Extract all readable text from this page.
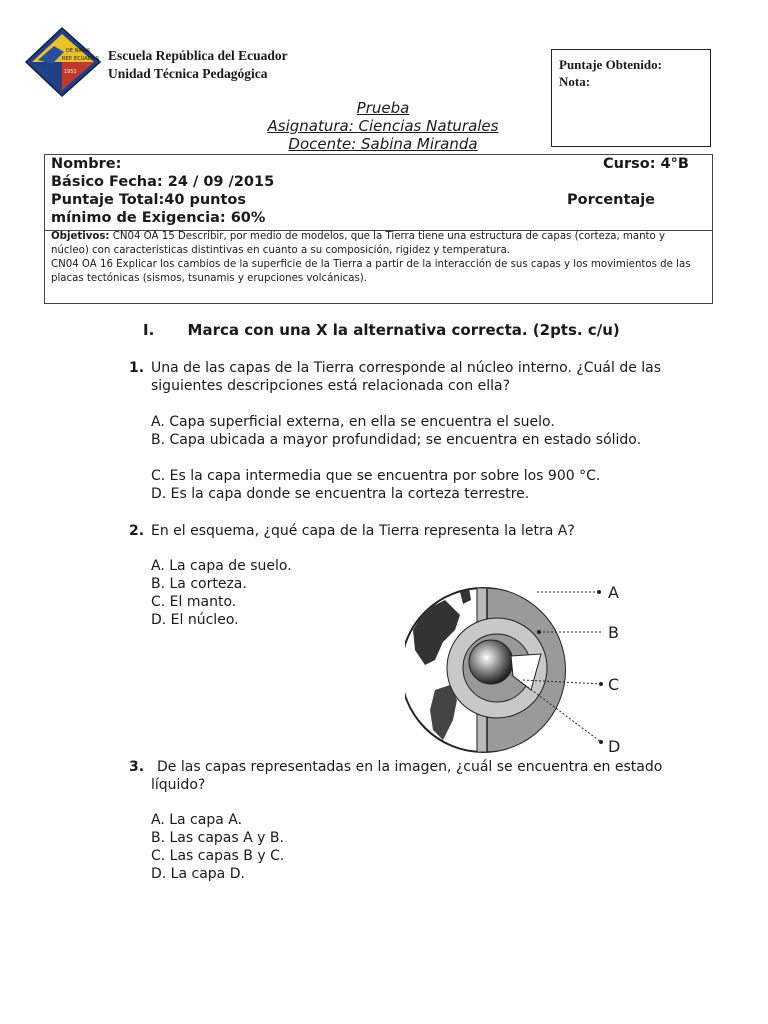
DE NIÑAS
REP. ECUADOR
1951
Escuela República del Ecuador
Unidad Técnica Pedagógica
Puntaje Obtenido:
Nota:
Prueba
Asignatura: Ciencias Naturales
Docente: Sabina Miranda
Nombre:	Curso: 4°B
Básico Fecha: 24 / 09 /2015
Puntaje Total:40 puntos	Porcentaje
mínimo de Exigencia: 60%
Objetivos: CN04 OA 15 Describir, por medio de modelos, que la Tierra tiene una estructura de capas (corteza, manto y núcleo) con características distintivas en cuanto a su composición, rigidez y temperatura.
CN04 OA 16 Explicar los cambios de la superficie de la Tierra a partir de la interacción de sus capas y los movimientos de las placas tectónicas (sismos, tsunamis y erupciones volcánicas).
I. Marca con una X la alternativa correcta. (2pts. c/u)
1. Una de las capas de la Tierra corresponde al núcleo interno. ¿Cuál de las siguientes descripciones está relacionada con ella?
A. Capa superficial externa, en ella se encuentra el suelo.
B. Capa ubicada a mayor profundidad; se encuentra en estado sólido.
C. Es la capa intermedia que se encuentra por sobre los 900 °C.
D. Es la capa donde se encuentra la corteza terrestre.
2. En el esquema, ¿qué capa de la Tierra representa la letra A?
A. La capa de suelo.
B. La corteza.
C. El manto.
D. El núcleo.
A
B
C
D
3. De las capas representadas en la imagen, ¿cuál se encuentra en estado líquido?
A. La capa A.
B. Las capas A y B.
C. Las capas B y C.
D. La capa D.
